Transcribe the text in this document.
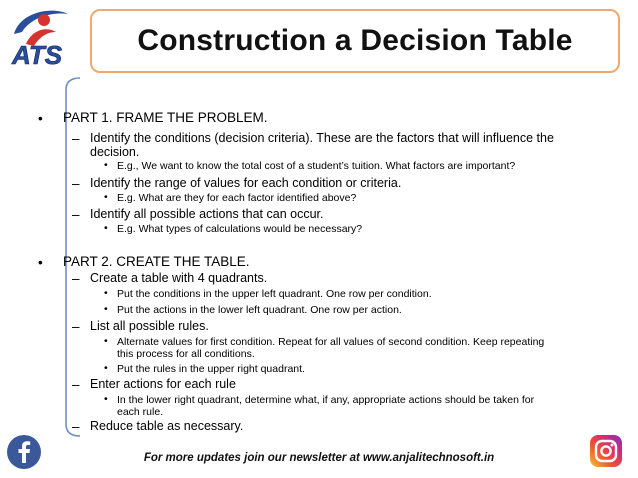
ATS	Construction a Decision Table
• PART 1. FRAME THE PROBLEM.
– Identify the conditions (decision criteria). These are the factors that will influence the
decision.
• E.g., We want to know the total cost of a student’s tuition. What factors are important?
– Identify the range of values for each condition or criteria.
• E.g. What are they for each factor identified above?
– Identify all possible actions that can occur.
• E.g. What types of calculations would be necessary?
• PART 2. CREATE THE TABLE.
– Create a table with 4 quadrants.
• Put the conditions in the upper left quadrant. One row per condition.
• Put the actions in the lower left quadrant. One row per action.
– List all possible rules.
• Alternate values for first condition. Repeat for all values of second condition. Keep repeating
this process for all conditions.
• Put the rules in the upper right quadrant.
– Enter actions for each rule
• In the lower right quadrant, determine what, if any, appropriate actions should be taken for
each rule.
– Reduce table as necessary.
For more updates join our newsletter at www.anjalitechnosoft.in
